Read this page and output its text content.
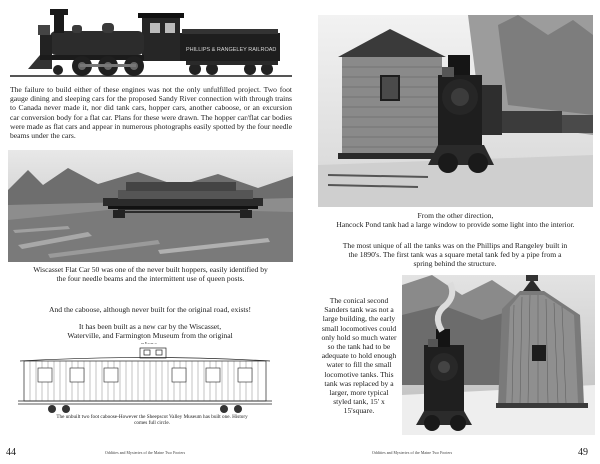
PHILLIPS & RANGELEY RAILROAD

The failure to build either of these engines was not the only unfulfilled project. Two foot gauge dining and sleeping cars for the proposed Sandy River connection with through trains to Canada never made it, nor did tank cars, hopper cars, another caboose, or an excursion car conversion body for a flat car. Plans for these were drawn. The hopper car/flat car bodies were made as flat cars and appear in numerous photographs easily spotted by the four needle beams under the cars.

Wiscasset Flat Car 50 was one of the never built hoppers, easily identified by the four needle beams and the intermittent use of queen posts.

And the caboose, although never built for the original road, exists!

It has been built as a new car by the Wiscasset, Waterville, and Farmington Museum from the original

The unbuilt two foot caboose-However the Sheepscot Valley Museum has built one. History comes full circle.

44	Oddities and Mysteries of the Maine Two Footers

From the other direction,

Hancock Pond tank had a large window to provide some light into the interior.

The most unique of all the tanks was on the Phillips and Rangeley built in the 1890's. The first tank was a square metal tank fed by a pipe from a spring behind the structure.

The conical second Sanders tank was not a large building, the early small locomotives could only hold so much water so the tank had to be adequate to hold enough water to fill the small locomotive tanks. This tank was replaced by a larger, more typical styled tank, 15' x 15'square.

49
Oddities and Mysteries of the Maine Two Footers
